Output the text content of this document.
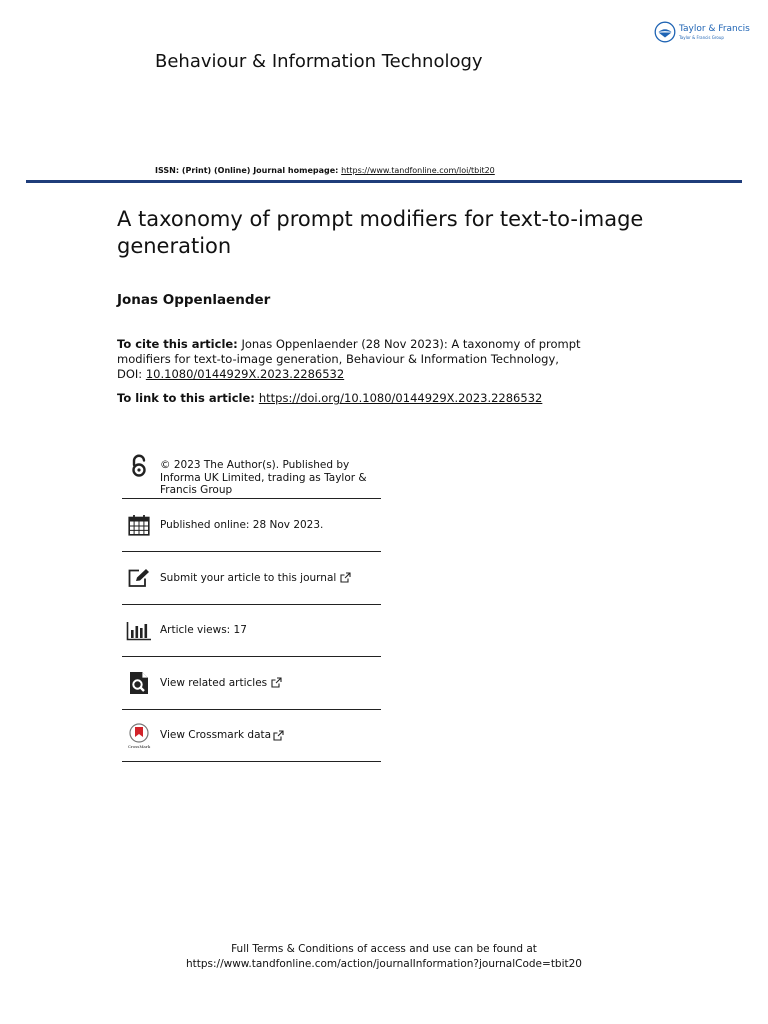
Behaviour & Information Technology
Taylor & Francis
Taylor & Francis Group
ISSN: (Print) (Online) Journal homepage: https://www.tandfonline.com/loi/tbit20
A taxonomy of prompt modifiers for text-to-image generation
Jonas Oppenlaender
To cite this article: Jonas Oppenlaender (28 Nov 2023): A taxonomy of prompt modifiers for text-to-image generation, Behaviour & Information Technology, DOI: 10.1080/0144929X.2023.2286532
To link to this article: https://doi.org/10.1080/0144929X.2023.2286532
© 2023 The Author(s). Published by Informa UK Limited, trading as Taylor & Francis Group
Published online: 28 Nov 2023.
Submit your article to this journal
Article views: 17
View related articles
CrossMark
View Crossmark data
Full Terms & Conditions of access and use can be found at
https://www.tandfonline.com/action/journalInformation?journalCode=tbit20
